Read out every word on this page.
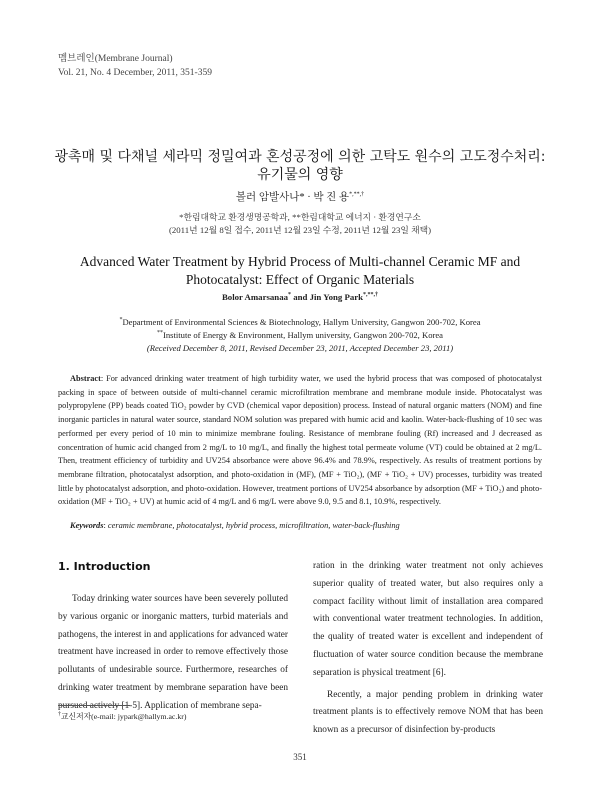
멤브레인(Membrane Journal)
Vol. 21, No. 4 December, 2011, 351-359
광촉매 및 다채널 세라믹 정밀여과 혼성공정에 의한 고탁도 원수의 고도정수처리:
유기물의 영향
볼러 암발사나* · 박 진 용*,**,†
*한림대학교 환경생명공학과, **한림대학교 에너지 · 환경연구소
(2011년 12월 8일 접수, 2011년 12월 23일 수정, 2011년 12월 23일 채택)
Advanced Water Treatment by Hybrid Process of Multi-channel Ceramic MF and
Photocatalyst: Effect of Organic Materials
Bolor Amarsanaa* and Jin Yong Park*,**,†
*Department of Environmental Sciences & Biotechnology, Hallym University, Gangwon 200-702, Korea
**Institute of Energy & Environment, Hallym university, Gangwon 200-702, Korea
(Received December 8, 2011, Revised December 23, 2011, Accepted December 23, 2011)
Abstract: For advanced drinking water treatment of high turbidity water, we used the hybrid process that was composed of photocatalyst packing in space of between outside of multi-channel ceramic microfiltration membrane and membrane module inside. Photocatalyst was polypropylene (PP) beads coated TiO₂ powder by CVD (chemical vapor deposition) process. Instead of natural organic matters (NOM) and fine inorganic particles in natural water source, standard NOM solution was prepared with humic acid and kaolin. Water-back-flushing of 10 sec was performed per every period of 10 min to minimize membrane fouling. Resistance of membrane fouling (Rf) increased and J decreased as concentration of humic acid changed from 2 mg/L to 10 mg/L, and finally the highest total permeate volume (VT) could be obtained at 2 mg/L. Then, treatment efficiency of turbidity and UV254 absorbance were above 96.4% and 78.9%, respectively. As results of treatment portions by membrane filtration, photocatalyst adsorption, and photo-oxidation in (MF), (MF + TiO₂), (MF + TiO₂ + UV) processes, turbidity was treated little by photocatalyst adsorption, and photo-oxidation. However, treatment portions of UV254 absorbance by adsorption (MF + TiO₂) and photo-oxidation (MF + TiO₂ + UV) at humic acid of 4 mg/L and 6 mg/L were above 9.0, 9.5 and 8.1, 10.9%, respectively.
Keywords: ceramic membrane, photocatalyst, hybrid process, microfiltration, water-back-flushing
1. Introduction

Today drinking water sources have been severely polluted by various organic or inorganic matters, turbid materials and pathogens, the interest in and applications for advanced water treatment have increased in order to remove effectively those pollutants of undesirable source. Furthermore, researches of drinking water treatment by membrane separation have been pursued actively [1-5]. Application of membrane sepa-

ration in the drinking water treatment not only achieves superior quality of treated water, but also requires only a compact facility without limit of installation area compared with conventional water treatment technologies. In addition, the quality of treated water is excellent and independent of fluctuation of water source condition because the membrane separation is physical treatment [6].

Recently, a major pending problem in drinking water treatment plants is to effectively remove NOM that has been known as a precursor of disinfection by-products

†교신저자(e-mail: jypark@hallym.ac.kr)
351
